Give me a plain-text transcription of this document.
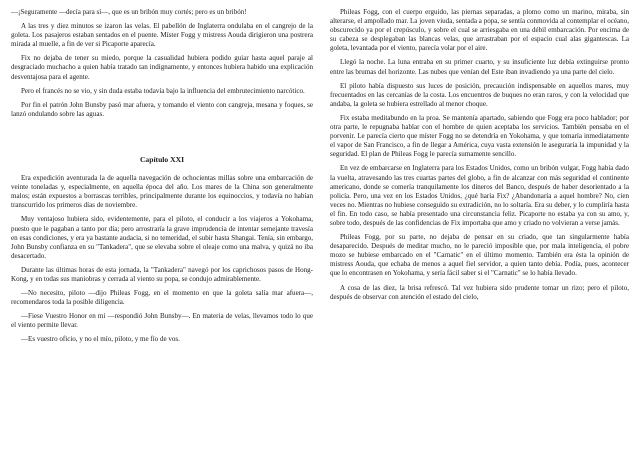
—¡Seguramente —decía para sí—, que es un bribón muy cortés; pero es un bribón!

A las tres y diez minutos se izaron las velas. El pabellón de Inglaterra ondulaba en el cangrejo de la goleta. Los pasajeros estaban sentados en el puente. Míster Fogg y mistress Aouda dirigieron una postrera mirada al muelle, a fin de ver si Picaporte aparecía.

Fix no dejaba de tener su miedo, porque la casualidad hubiera podido guiar hasta aquel paraje al desgraciado muchacho a quien había tratado tan indignamente, y entonces hubiera habido una explicación desventajosa para el agente.

Pero el francés no se vio, y sin duda estaba todavía bajo la influencia del embrutecimiento narcótico.

Por fin el patrón John Bunsby pasó mar afuera, y tomando el viento con cangreja, mesana y foques, se lanzó ondulando sobre las aguas.

Capítulo XXI

Era expedición aventurada la de aquella navegación de ochocientas millas sobre una embarcación de veinte toneladas y, especialmente, en aquella época del año. Los mares de la China son generalmente malos; están expuestos a borrascas terribles, principalmente durante los equinoccios, y todavía no habían transcurrido los primeros días de noviembre.

Muy ventajoso hubiera sido, evidentemente, para el piloto, el conducir a los viajeros a Yokohama, puesto que le pagaban a tanto por día; pero arrostraría la grave imprudencia de intentar semejante travesía en esas condiciones, y era ya bastante audacia, si no temeridad, el subir hasta Shangai. Tenía, sin embargo, John Bunsby confianza en su "Tankadera", que se elevaba sobre el oleaje como una malva, y quizá no iba desacertado.

Durante las últimas horas de esta jornada, la "Tankadera" navegó por los caprichosos pasos de Hong-Kong, y en todas sus maniobras y cerrada al viento su popa, se condujo admirablemente.

—No necesito, piloto —dijo Phileas Fogg, en el momento en que la goleta salía mar afuera—, recomendaros toda la posible diligencia.

—Fiese Vuestro Honor en mí —respondió John Bunsby—. En materia de velas, llevamos todo lo que el viento permite llevar.

—Es vuestro oficio, y no el mío, piloto, y me fío de vos.

Phileas Fogg, con el cuerpo erguido, las piernas separadas, a plomo como un marino, miraba, sin alterarse, el ampollado mar. La joven viuda, sentada a popa, se sentía conmovida al contemplar el océano, obscurecido ya por el crepúsculo, y sobre el cual se arriesgaba en una débil embarcación. Por encima de su cabeza se desplegaban las blancas velas, que arrastraban por el espacio cual alas gigantescas. La goleta, levantada por el viento, parecía volar por el aire.

Llegó la noche. La luna entraba en su primer cuarto, y su insuficiente luz debía extinguirse pronto entre las brumas del horizonte. Las nubes que venían del Este iban invadiendo ya una parte del cielo.

El piloto había dispuesto sus luces de posición, precaución indispensable en aquellos mares, muy frecuentados en las cercanías de la costa. Los encuentros de buques no eran raros, y con la velocidad que andaba, la goleta se hubiera estrellado al menor choque.

Fix estaba meditabundo en la proa. Se mantenía apartado, sabiendo que Fogg era poco hablador; por otra parte, le repugnaba hablar con el hombre de quien aceptaba los servicios. También pensaba en el porvenir. Le parecía cierto que míster Fogg no se detendría en Yokohama, y que tomaría inmediatamente el vapor de San Francisco, a fin de llegar a América, cuya vasta extensión le aseguraría la impunidad y la seguridad. El plan de Phileas Fogg le parecía sumamente sencillo.

En vez de embarcarse en Inglaterra para los Estados Unidos, como un bribón vulgar, Fogg había dado la vuelta, atravesando las tres cuartas partes del globo, a fin de alcanzar con más seguridad el continente americano, donde se comería tranquilamente los dineros del Banco, después de haber desorientado a la policía. Pero, una vez en los Estados Unidos, ¿qué haría Fix? ¿Abandonaría a aquel hombre? No, cien veces no. Mientras no hubiese conseguido su extradición, no lo soltaría. Era su deber, y lo cumpliría hasta el fin. En todo caso, se había presentado una circunstancia feliz. Picaporte no estaba ya con su amo, y, sobre todo, después de las confidencias de Fix importaba que amo y criado no volvieran a verse jamás.

Phileas Fogg, por su parte, no dejaba de pensar en su criado, que tan singularmente había desaparecido. Después de meditar mucho, no le pareció imposible que, por mala inteligencia, el pobre mozo se hubiese embarcado en el "Carnatic" en el último momento. También era ésta la opinión de mistress Aouda, que echaba de menos a aquel fiel servidor, a quien tanto debía. Podía, pues, acontecer que lo encontrasen en Yokohama, y sería fácil saber si el "Carnatic" se lo había llevado.

A cosa de las diez, la brisa refrescó. Tal vez hubiera sido prudente tomar un rizo; pero el piloto, después de observar con atención el estado del cielo,
